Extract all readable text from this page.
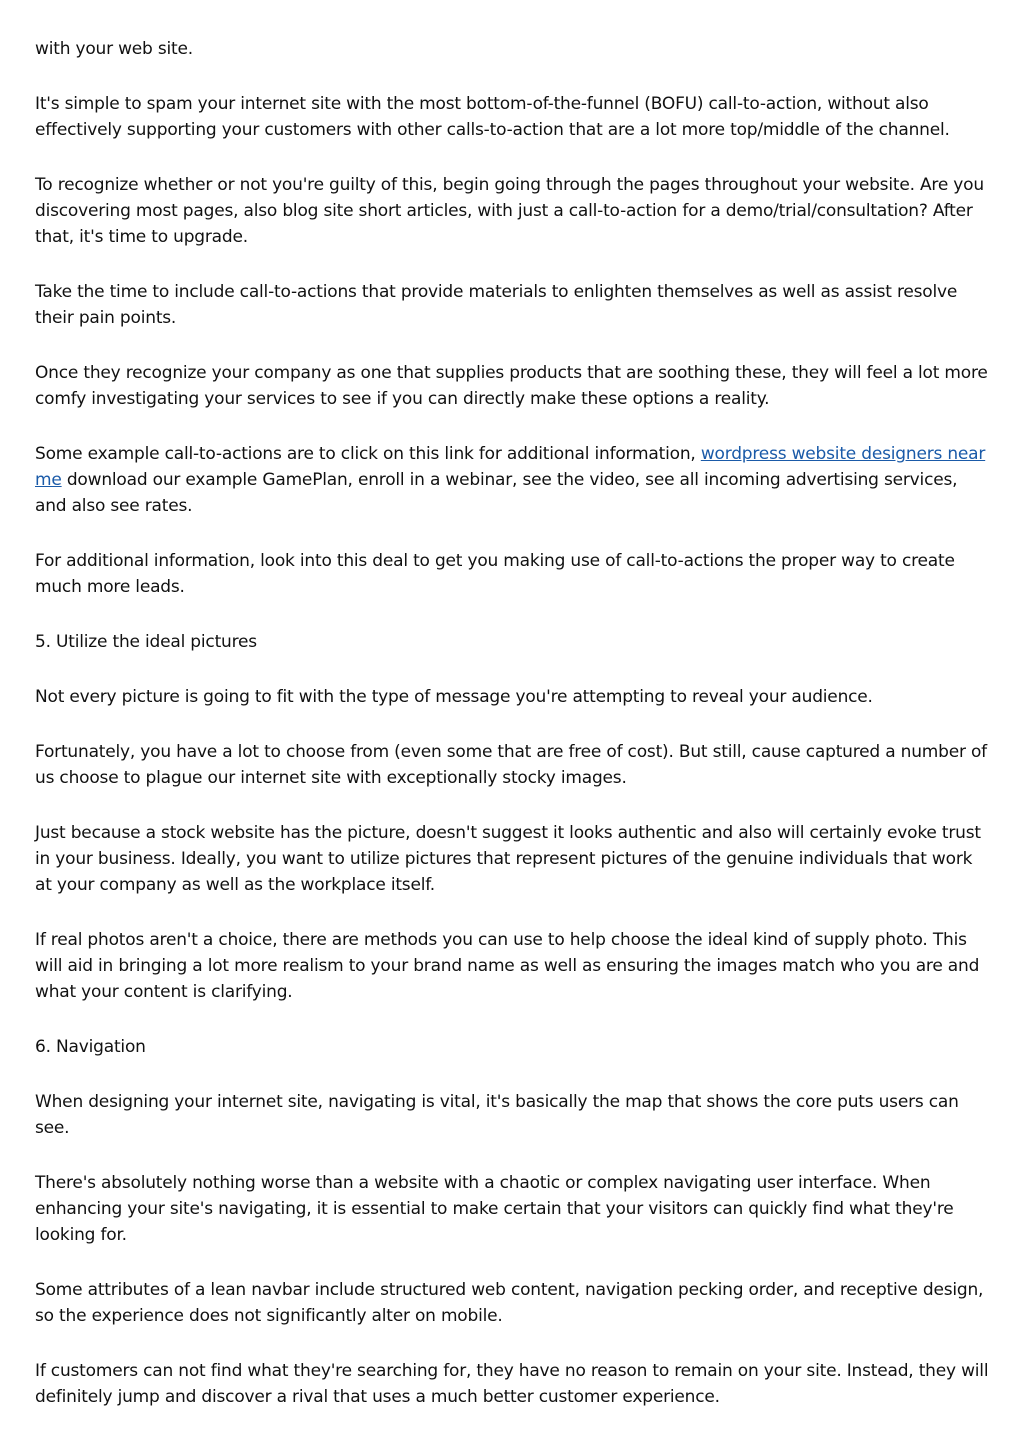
with your web site.

It's simple to spam your internet site with the most bottom-of-the-funnel (BOFU) call-to-action, without also effectively supporting your customers with other calls-to-action that are a lot more top/middle of the channel.

To recognize whether or not you're guilty of this, begin going through the pages throughout your website. Are you discovering most pages, also blog site short articles, with just a call-to-action for a demo/trial/consultation? After that, it's time to upgrade.

Take the time to include call-to-actions that provide materials to enlighten themselves as well as assist resolve their pain points.

Once they recognize your company as one that supplies products that are soothing these, they will feel a lot more comfy investigating your services to see if you can directly make these options a reality.

Some example call-to-actions are to click on this link for additional information, wordpress website designers near me download our example GamePlan, enroll in a webinar, see the video, see all incoming advertising services, and also see rates.

For additional information, look into this deal to get you making use of call-to-actions the proper way to create much more leads.

5. Utilize the ideal pictures

Not every picture is going to fit with the type of message you're attempting to reveal your audience.

Fortunately, you have a lot to choose from (even some that are free of cost). But still, cause captured a number of us choose to plague our internet site with exceptionally stocky images.

Just because a stock website has the picture, doesn't suggest it looks authentic and also will certainly evoke trust in your business. Ideally, you want to utilize pictures that represent pictures of the genuine individuals that work at your company as well as the workplace itself.

If real photos aren't a choice, there are methods you can use to help choose the ideal kind of supply photo. This will aid in bringing a lot more realism to your brand name as well as ensuring the images match who you are and what your content is clarifying.

6. Navigation

When designing your internet site, navigating is vital, it's basically the map that shows the core puts users can see.

There's absolutely nothing worse than a website with a chaotic or complex navigating user interface. When enhancing your site's navigating, it is essential to make certain that your visitors can quickly find what they're looking for.

Some attributes of a lean navbar include structured web content, navigation pecking order, and receptive design, so the experience does not significantly alter on mobile.

If customers can not find what they're searching for, they have no reason to remain on your site. Instead, they will definitely jump and discover a rival that uses a much better customer experience.
